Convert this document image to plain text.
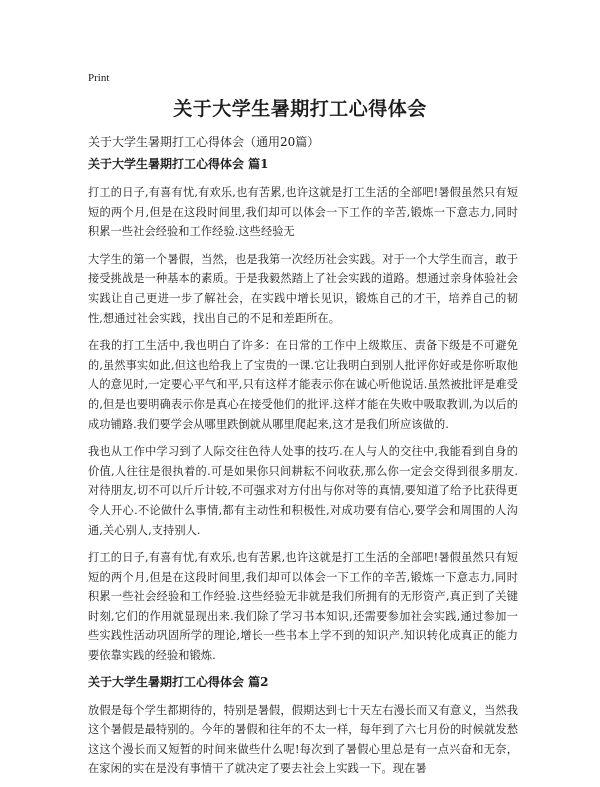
Print
关于大学生暑期打工心得体会
关于大学生暑期打工心得体会（通用20篇）
关于大学生暑期打工心得体会 篇1

打工的日子,有喜有忧,有欢乐,也有苦累,也许这就是打工生活的全部吧!暑假虽然只有短短的两个月,但是在这段时间里,我们却可以体会一下工作的辛苦,锻炼一下意志力,同时积累一些社会经验和工作经验.这些经验无

大学生的第一个暑假，当然，也是我第一次经历社会实践。对于一个大学生而言，敢于接受挑战是一种基本的素质。于是我毅然踏上了社会实践的道路。想通过亲身体验社会实践让自己更进一步了解社会，在实践中增长见识，锻炼自己的才干，培养自己的韧性,想通过社会实践，找出自己的不足和差距所在。

在我的打工生活中,我也明白了许多：在日常的工作中上级欺压、责备下级是不可避免的,虽然事实如此,但这也给我上了宝贵的一课.它让我明白到别人批评你好或是你听取他人的意见时,一定要心平气和平,只有这样才能表示你在诚心听他说话.虽然被批评是难受的,但是也要明确表示你是真心在接受他们的批评.这样才能在失败中吸取教训,为以后的成功铺路.我们要学会从哪里跌倒就从哪里爬起来,这才是我们所应该做的.

我也从工作中学习到了人际交往色待人处事的技巧.在人与人的交往中,我能看到自身的价值,人往往是很执着的.可是如果你只间耕耘不问收获,那么你一定会交得到很多朋友.对待朋友,切不可以斤斤计较,不可强求对方付出与你对等的真情,要知道了给予比获得更令人开心.不论做什么事情,都有主动性和积极性,对成功要有信心,要学会和周围的人沟通,关心别人,支持别人.

打工的日子,有喜有忧,有欢乐,也有苦累,也许这就是打工生活的全部吧!暑假虽然只有短短的两个月,但是在这段时间里,我们却可以体会一下工作的辛苦,锻炼一下意志力,同时积累一些社会经验和工作经验.这些经验无非就是我们所拥有的无形资产,真正到了关键时刻,它们的作用就显现出来.我们除了学习书本知识,还需要参加社会实践,通过参加一些实践性活动巩固所学的理论,增长一些书本上学不到的知识产.知识转化成真正的能力要依靠实践的经验和锻炼.

关于大学生暑期打工心得体会 篇2

放假是每个学生都期待的，特别是暑假，假期达到七十天左右漫长而又有意义，当然我这个暑假是最特别的。今年的暑假和往年的不太一样，每年到了六七月份的时候就发愁这这个漫长而又短暂的时间来做些什么呢!每次到了暑假心里总是有一点兴奋和无奈，在家闲的实在是没有事情干了就决定了要去社会上实践一下。现在暑
